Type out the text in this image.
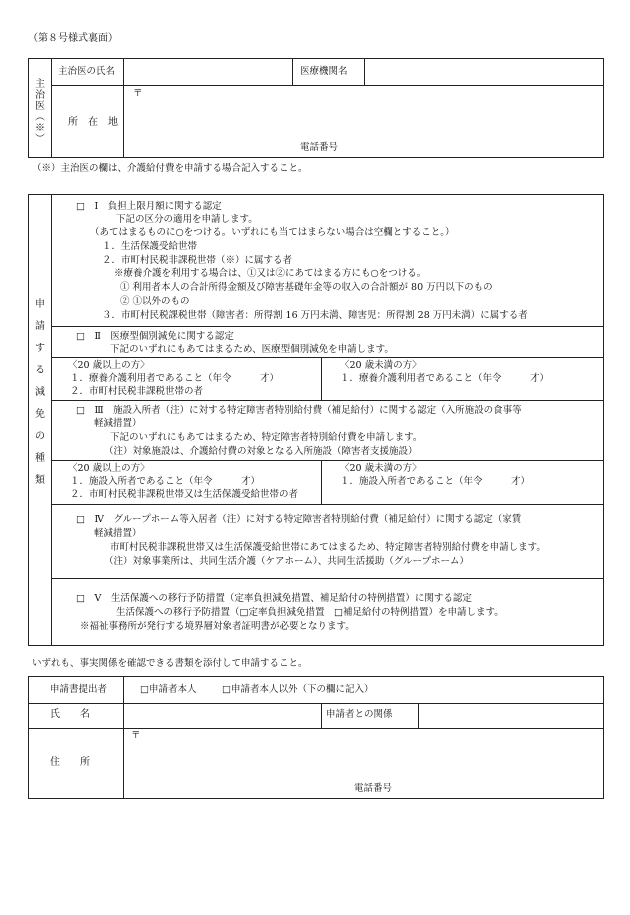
（第８号様式裏面）
主治医（※）
主治医の氏名	医療機関名
所　在　地
〒
電話番号
（※）主治医の欄は、介護給付費を申請する場合記入すること。
申
請
す
る
減
免
の
種
類
□　Ⅰ　負担上限月額に関する認定
下記の区分の適用を申請します。
（あてはまるものに○をつける。いずれにも当てはまらない場合は空欄とすること。）
１．生活保護受給世帯
２．市町村民税非課税世帯（※）に属する者
※療養介護を利用する場合は、①又は②にあてはまる方にも○をつける。
① 利用者本人の合計所得金額及び障害基礎年金等の収入の合計額が 80 万円以下のもの
② ①以外のもの
３．市町村民税課税世帯（障害者：所得割 16 万円未満、障害児：所得割 28 万円未満）に属する者
□　Ⅱ　医療型個別減免に関する認定
下記のいずれにもあてはまるため、医療型個別減免を申請します。
〈20 歳以上の方〉
１．療養介護利用者であること（年令　　　才）
２．市町村民税非課税世帯の者
〈20 歳未満の方〉
１．療養介護利用者であること（年令　　　才）
□　Ⅲ　施設入所者（注）に対する特定障害者特別給付費（補足給付）に関する認定（入所施設の食事等
軽減措置）
下記のいずれにもあてはまるため、特定障害者特別給付費を申請します。
（注）対象施設は、介護給付費の対象となる入所施設（障害者支援施設）
〈20 歳以上の方〉
１．施設入所者であること（年令　　　才）
２．市町村民税非課税世帯又は生活保護受給世帯の者
〈20 歳未満の方〉
１．施設入所者であること（年令　　　才）
□　Ⅳ　グループホーム等入居者（注）に対する特定障害者特別給付費（補足給付）に関する認定（家賃
軽減措置）
市町村民税非課税世帯又は生活保護受給世帯にあてはまるため、特定障害者特別給付費を申請します。
（注）対象事業所は、共同生活介護（ケアホーム）、共同生活援助（グループホーム）
□　Ⅴ　生活保護への移行予防措置（定率負担減免措置、補足給付の特例措置）に関する認定
生活保護への移行予防措置（□定率負担減免措置　□補足給付の特例措置）を申請します。
※福祉事務所が発行する境界層対象者証明書が必要となります。
いずれも、事実関係を確認できる書類を添付して申請すること。
申請書提出者	□申請者本人	□申請者本人以外（下の欄に記入）
氏　　名	申請者との関係
住　　所
〒
電話番号
